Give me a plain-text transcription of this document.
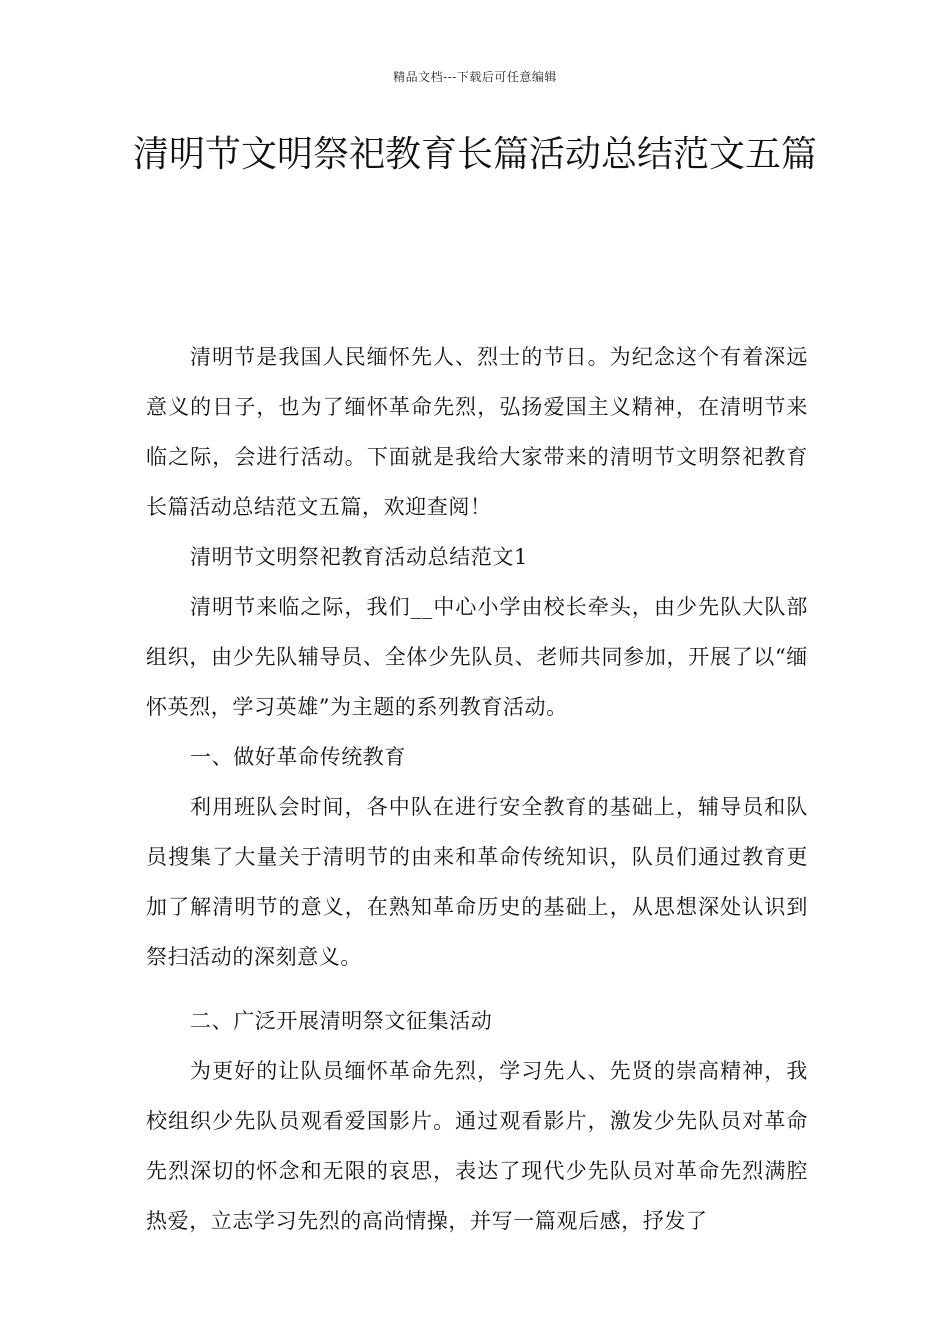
精品文档---下载后可任意编辑
清明节文明祭祀教育长篇活动总结范文五篇

清明节是我国人民缅怀先人、烈士的节日。为纪念这个有着深远意义的日子，也为了缅怀革命先烈，弘扬爱国主义精神，在清明节来临之际，会进行活动。下面就是我给大家带来的清明节文明祭祀教育长篇活动总结范文五篇，欢迎查阅！

清明节文明祭祀教育活动总结范文1

清明节来临之际，我们__中心小学由校长牵头，由少先队大队部组织，由少先队辅导员、全体少先队员、老师共同参加，开展了以“缅怀英烈，学习英雄”为主题的系列教育活动。

一、做好革命传统教育

利用班队会时间，各中队在进行安全教育的基础上，辅导员和队员搜集了大量关于清明节的由来和革命传统知识，队员们通过教育更加了解清明节的意义，在熟知革命历史的基础上，从思想深处认识到祭扫活动的深刻意义。

二、广泛开展清明祭文征集活动

为更好的让队员缅怀革命先烈，学习先人、先贤的崇高精神，我校组织少先队员观看爱国影片。通过观看影片，激发少先队员对革命先烈深切的怀念和无限的哀思，表达了现代少先队员对革命先烈满腔热爱，立志学习先烈的高尚情操，并写一篇观后感，抒发了
